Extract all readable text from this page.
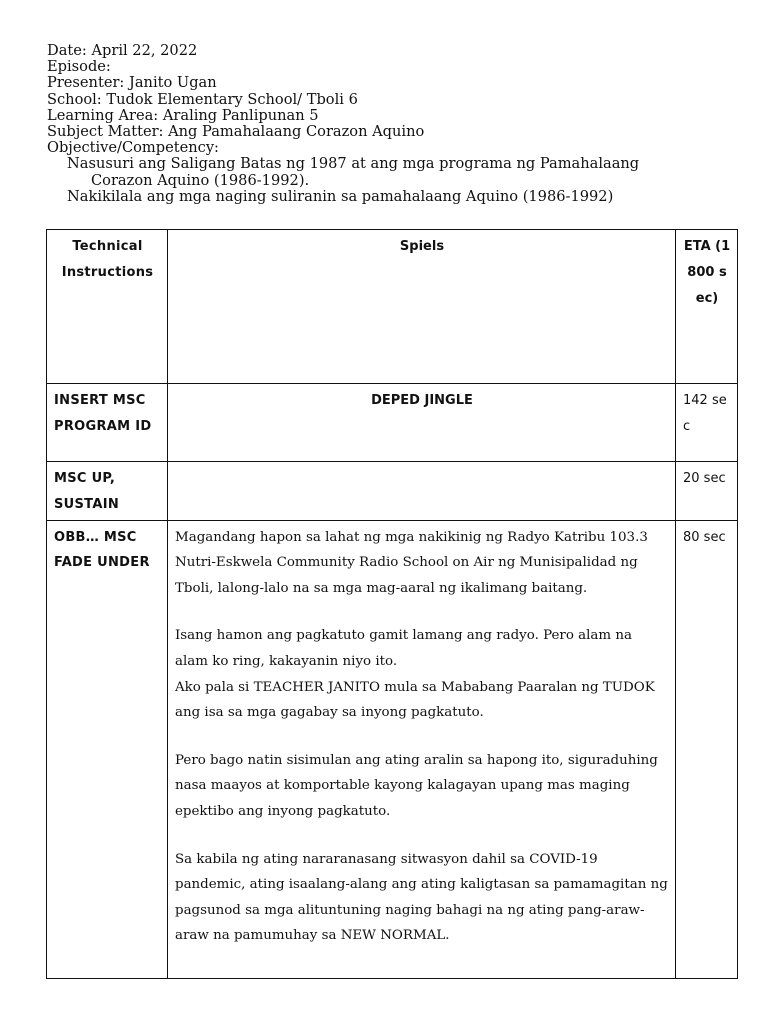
Date: April 22, 2022
Episode:
Presenter: Janito Ugan
School: Tudok Elementary School/ Tboli 6
Learning Area: Araling Panlipunan 5
Subject Matter: Ang Pamahalaang Corazon Aquino
Objective/Competency:
Nasusuri ang Saligang Batas ng 1987 at ang mga programa ng Pamahalaang
Corazon Aquino (1986-1992).
Nakikilala ang mga naging suliranin sa pamahalaang Aquino (1986-1992)
Technical Instructions	Spiels	ETA (1800 sec)

INSERT MSC PROGRAM ID	DEPED JINGLE	142 sec

MSC UP, SUSTAIN		20 sec

OBB… MSC FADE UNDER	Magandang hapon sa lahat ng mga nakikinig ng Radyo Katribu 103.3 Nutri-Eskwela Community Radio School on Air ng Munisipalidad ng Tboli, lalong-lalo na sa mga mag-aaral ng ikalimang baitang.

Isang hamon ang pagkatuto gamit lamang ang radyo. Pero alam na alam ko ring, kakayanin niyo ito.

Ako pala si TEACHER JANITO mula sa Mababang Paaralan ng TUDOK ang isa sa mga gagabay sa inyong pagkatuto.

Pero bago natin sisimulan ang ating aralin sa hapong ito, siguraduhing nasa maayos at komportable kayong kalagayan upang mas maging epektibo ang inyong pagkatuto.

Sa kabila ng ating nararanasang sitwasyon dahil sa COVID-19 pandemic, ating isaalang-alang ang ating kaligtasan sa pamamagitan ng pagsunod sa mga alituntuning naging bahagi na ng ating pang-araw-araw na pamumuhay sa NEW NORMAL.	80 sec
